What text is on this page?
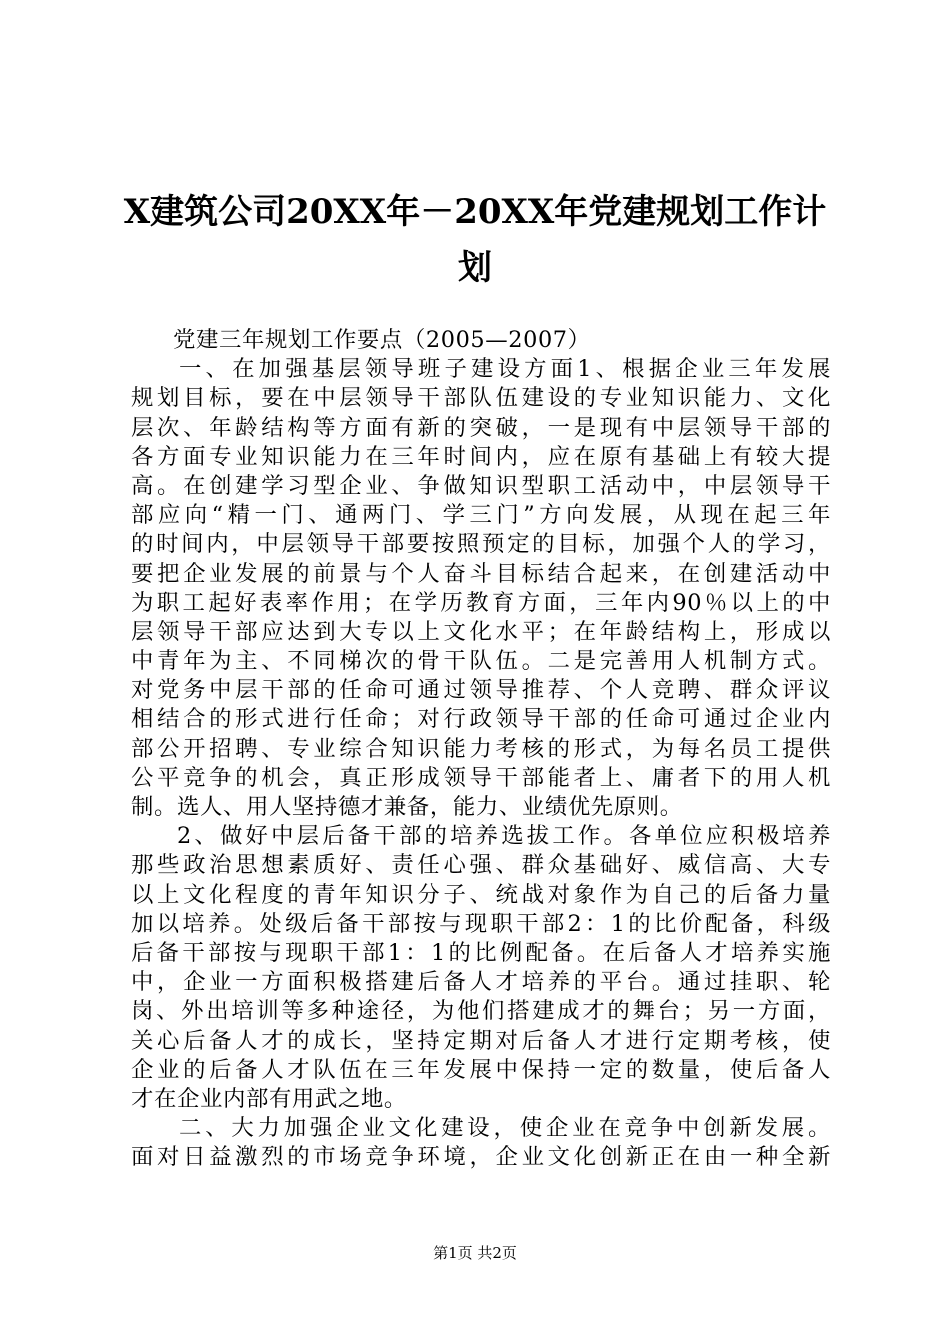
X建筑公司20XX年－20XX年党建规划工作计
划
党建三年规划工作要点（2005—2007）
一、在加强基层领导班子建设方面1、根据企业三年发展
规划目标，要在中层领导干部队伍建设的专业知识能力、文化
层次、年龄结构等方面有新的突破，一是现有中层领导干部的
各方面专业知识能力在三年时间内，应在原有基础上有较大提
高。在创建学习型企业、争做知识型职工活动中，中层领导干
部应向“精一门、通两门、学三门”方向发展，从现在起三年
的时间内，中层领导干部要按照预定的目标，加强个人的学习，
要把企业发展的前景与个人奋斗目标结合起来，在创建活动中
为职工起好表率作用；在学历教育方面，三年内90％以上的中
层领导干部应达到大专以上文化水平；在年龄结构上，形成以
中青年为主、不同梯次的骨干队伍。二是完善用人机制方式。
对党务中层干部的任命可通过领导推荐、个人竞聘、群众评议
相结合的形式进行任命；对行政领导干部的任命可通过企业内
部公开招聘、专业综合知识能力考核的形式，为每名员工提供
公平竞争的机会，真正形成领导干部能者上、庸者下的用人机
制。选人、用人坚持德才兼备，能力、业绩优先原则。
2、做好中层后备干部的培养选拔工作。各单位应积极培养
那些政治思想素质好、责任心强、群众基础好、威信高、大专
以上文化程度的青年知识分子、统战对象作为自己的后备力量
加以培养。处级后备干部按与现职干部2：1的比价配备，科级
后备干部按与现职干部1：1的比例配备。在后备人才培养实施
中，企业一方面积极搭建后备人才培养的平台。通过挂职、轮
岗、外出培训等多种途径，为他们搭建成才的舞台；另一方面，
关心后备人才的成长，坚持定期对后备人才进行定期考核，使
企业的后备人才队伍在三年发展中保持一定的数量，使后备人
才在企业内部有用武之地。
二、大力加强企业文化建设，使企业在竞争中创新发展。
面对日益激烈的市场竞争环境，企业文化创新正在由一种全新
第1页 共2页
